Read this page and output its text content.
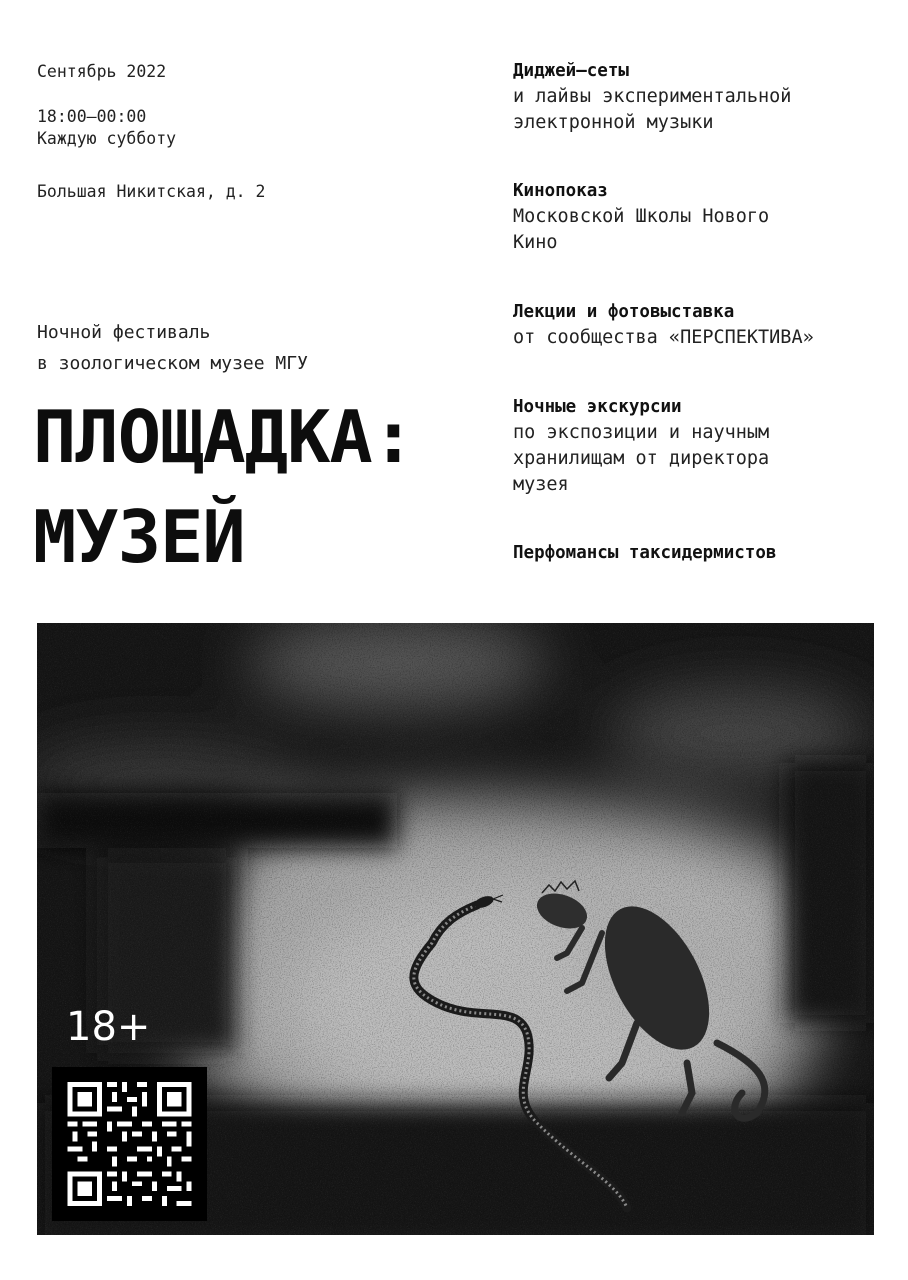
Сентябрь 2022
18:00–00:00
Каждую субботу
Большая Никитская, д. 2
Ночной фестиваль
в зоологическом музее МГУ
ПЛОЩАДКА:
МУЗЕЙ
Диджей–сеты
и лайвы экспериментальной
электронной музыки
Кинопоказ
Московской Школы Нового
Кино
Лекции и фотовыставка
от сообщества «ПЕРСПЕКТИВА»
Ночные экскурсии
по экспозиции и научным
хранилищам от директора
музея
Перфомансы таксидермистов
18+
